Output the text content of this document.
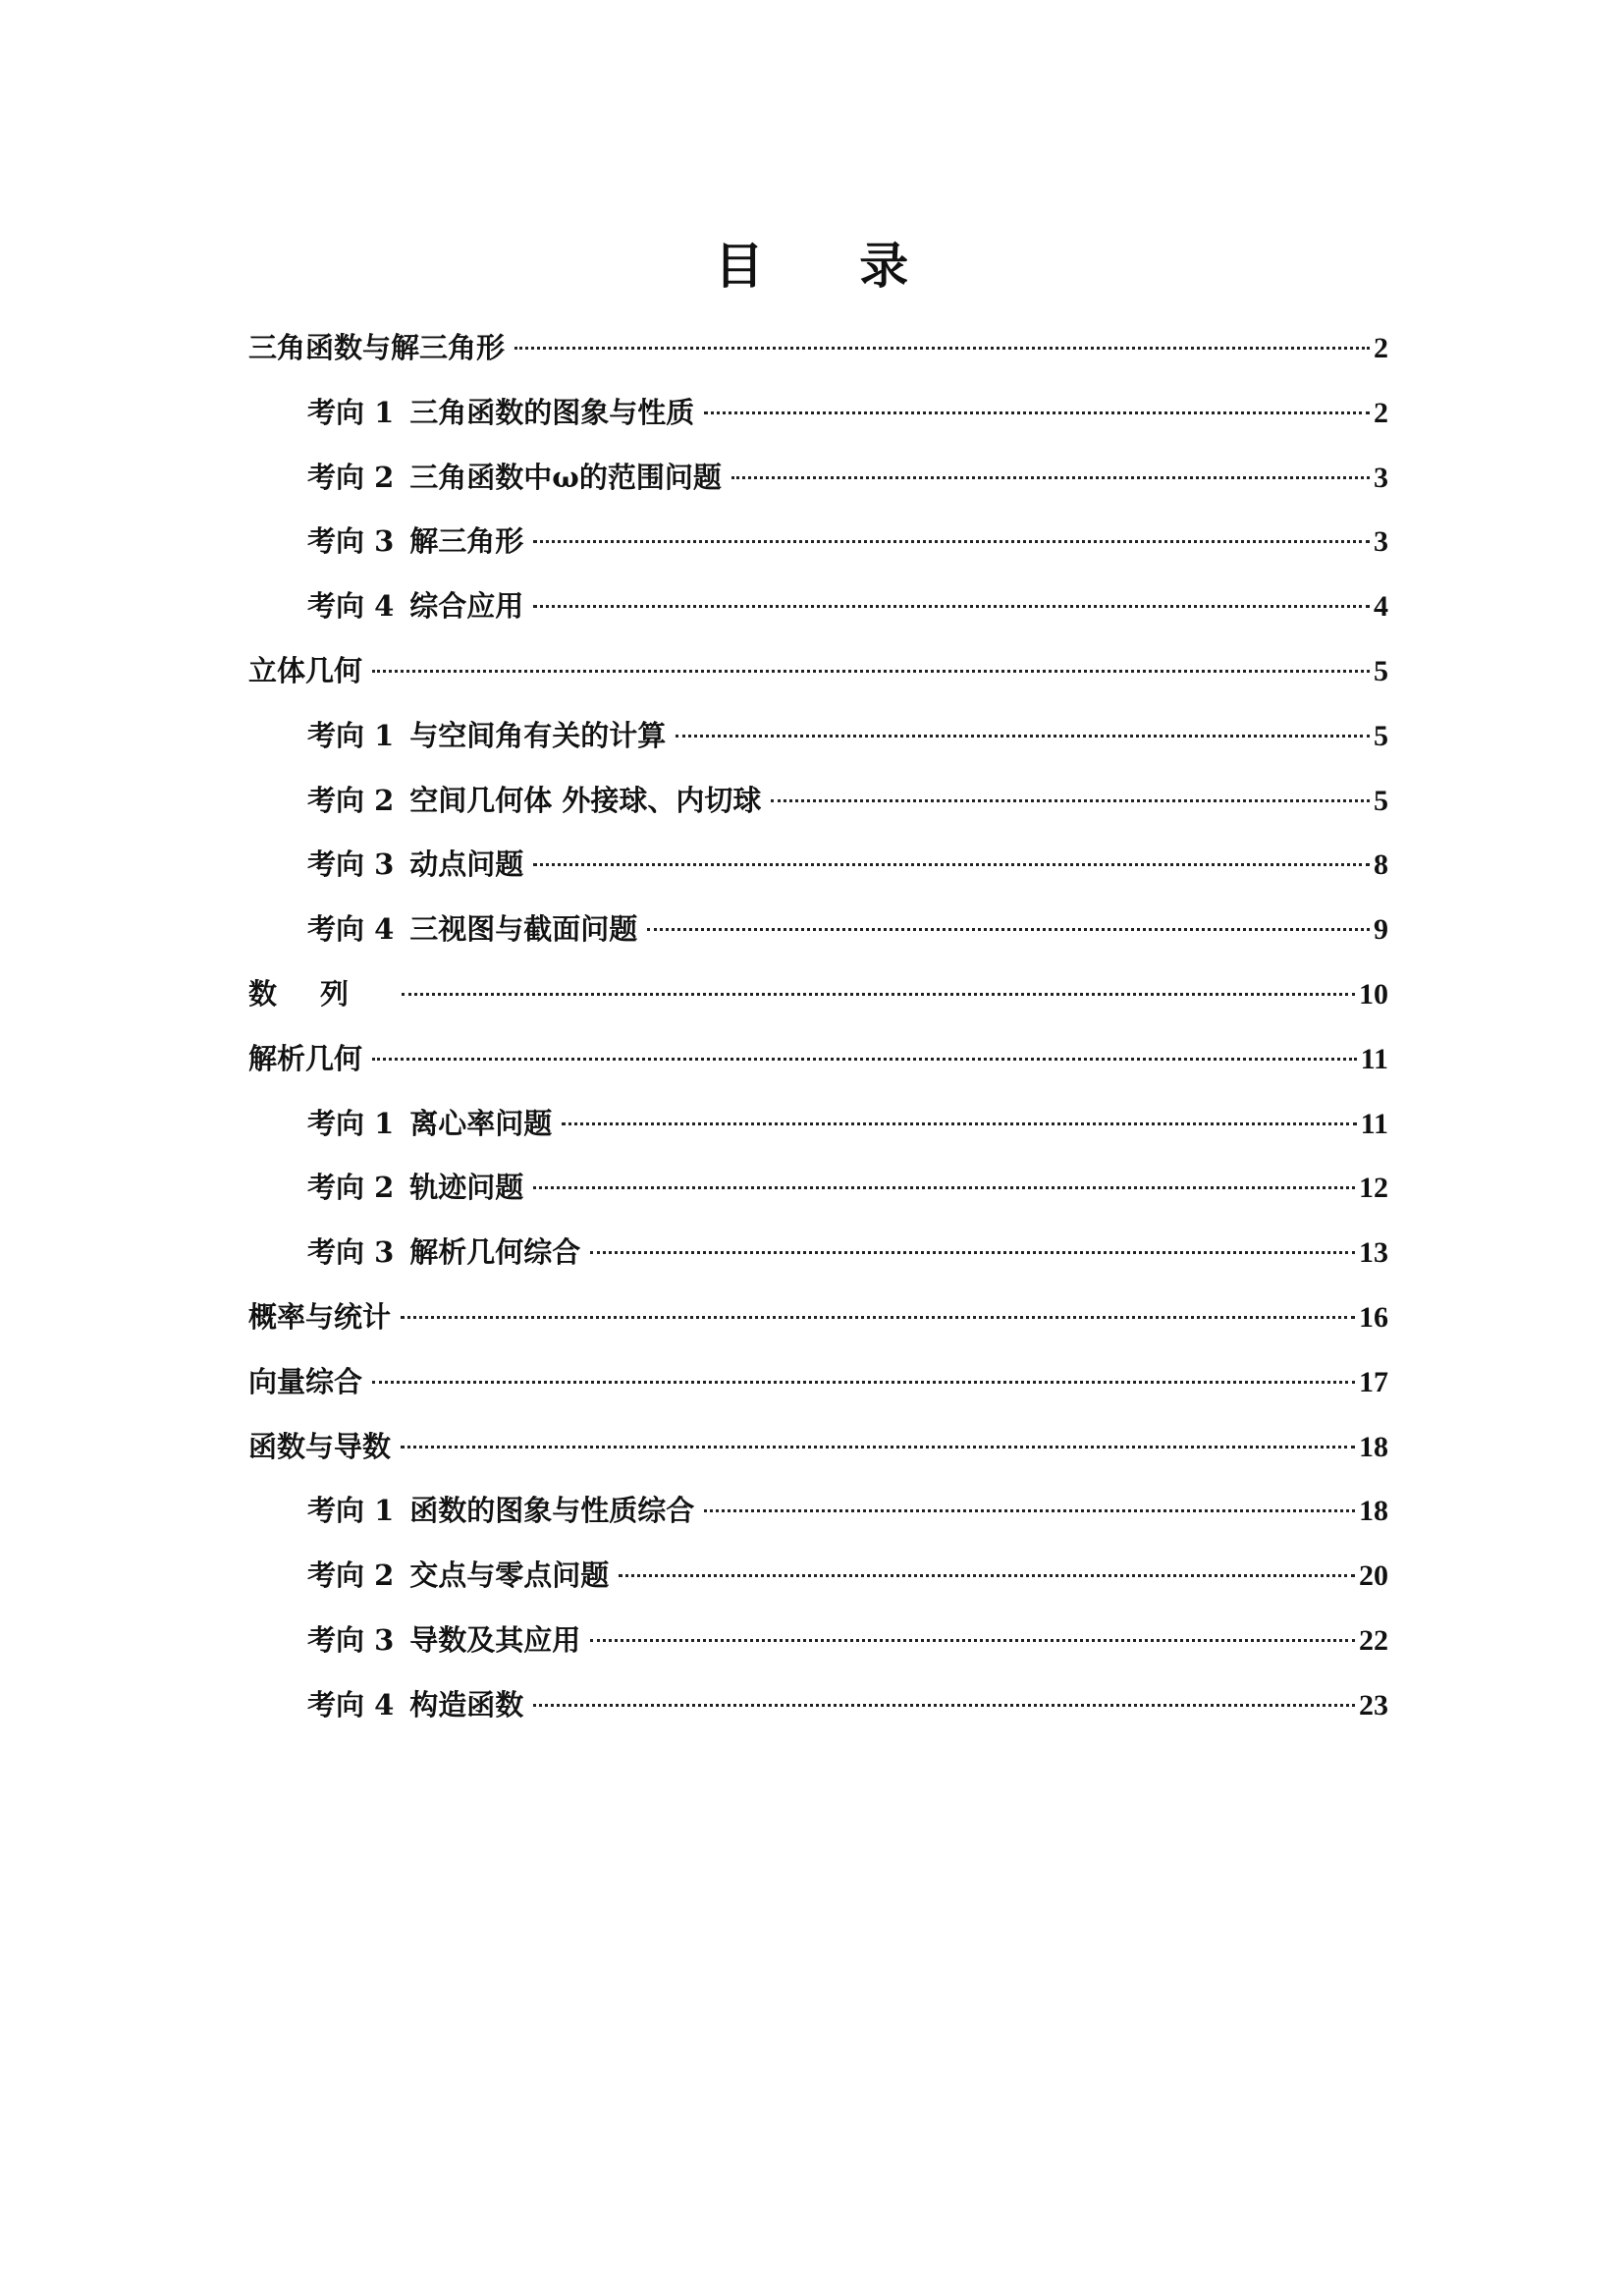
目 录
三角函数与解三角形	2
考向 1 三角函数的图象与性质	2
考向 2 三角函数中ω的范围问题	3
考向 3 解三角形	3
考向 4 综合应用	4
立体几何	5
考向 1 与空间角有关的计算	5
考向 2 空间几何体 外接球、内切球	5
考向 3 动点问题	8
考向 4 三视图与截面问题	9
数列	10
解析几何	11
考向 1 离心率问题	11
考向 2 轨迹问题	12
考向 3 解析几何综合	13
概率与统计	16
向量综合	17
函数与导数	18
考向 1 函数的图象与性质综合	18
考向 2 交点与零点问题	20
考向 3 导数及其应用	22
考向 4 构造函数	23
